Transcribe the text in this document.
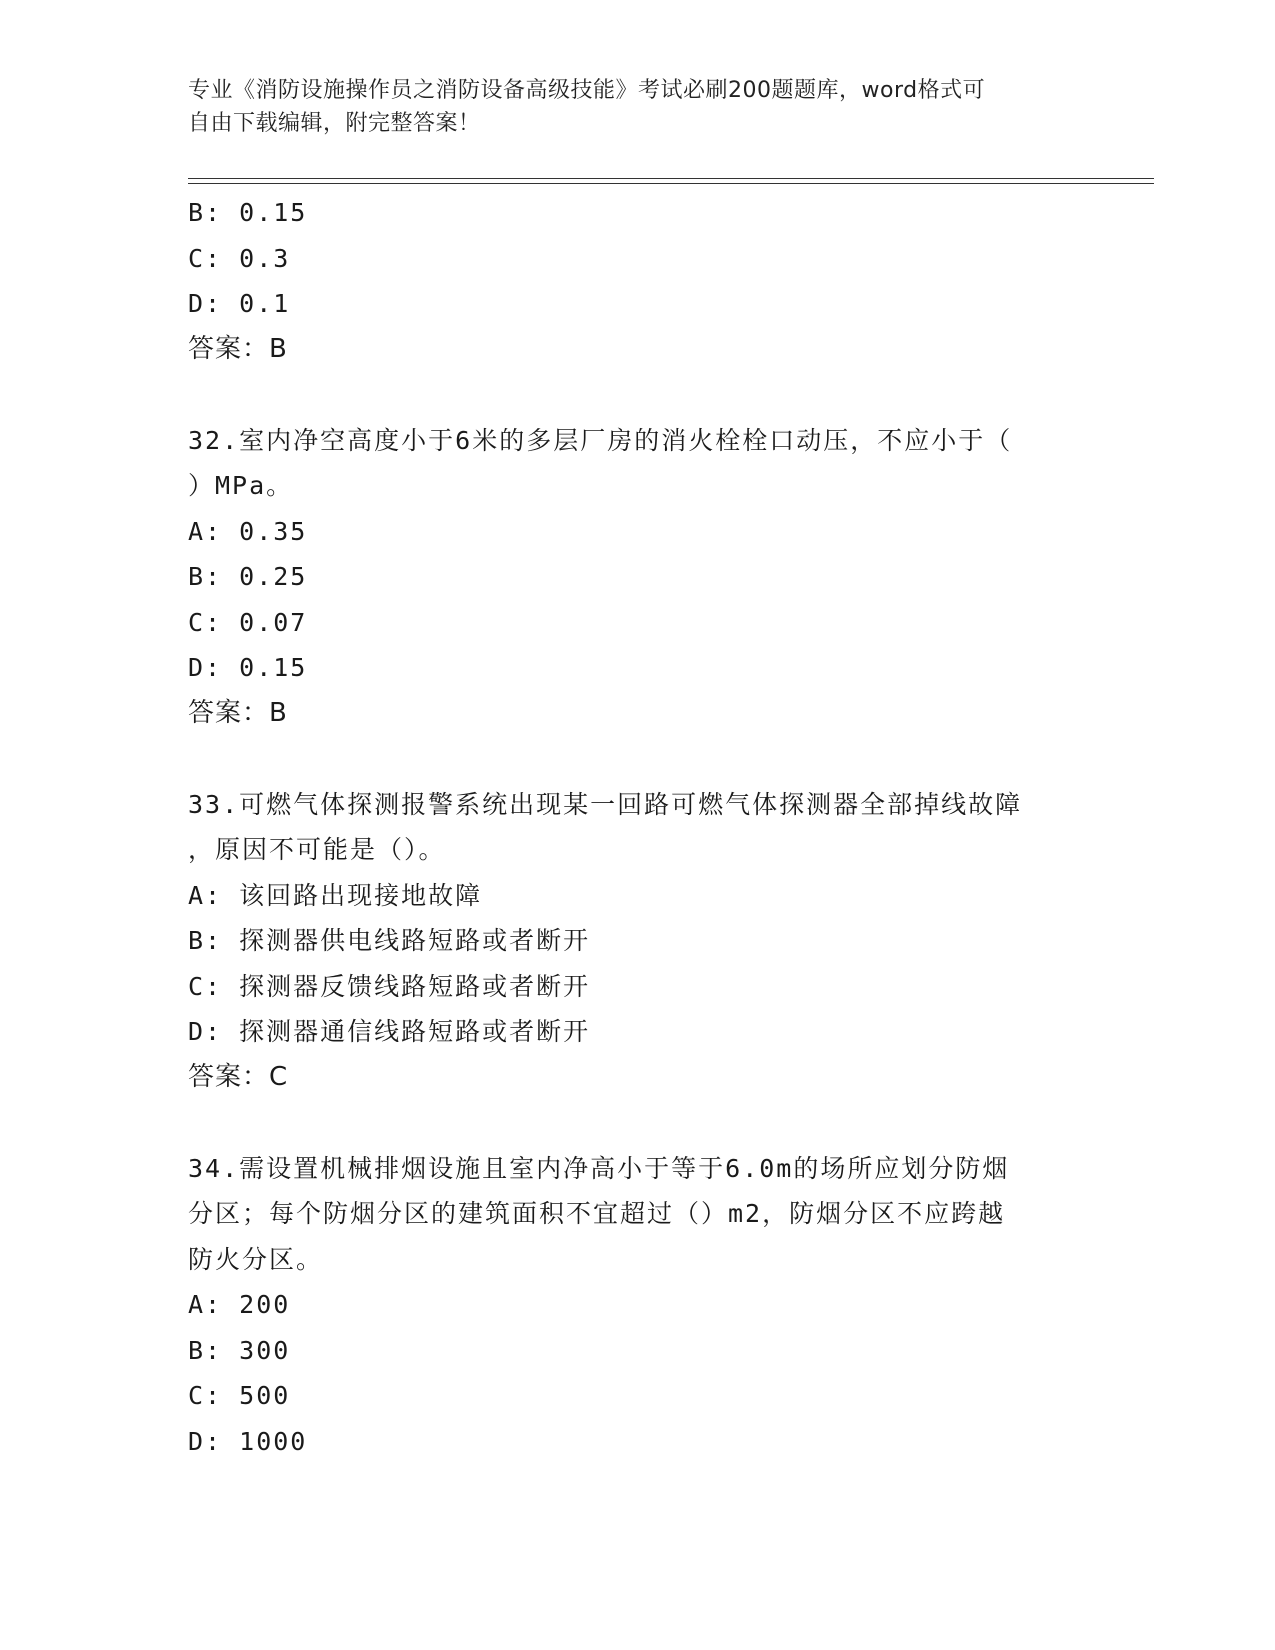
专业《消防设施操作员之消防设备高级技能》考试必刷200题题库，word格式可

自由下载编辑，附完整答案！

B: 0.15

C: 0.3

D: 0.1

答案：B

32.室内净空高度小于6米的多层厂房的消火栓栓口动压，不应小于（

）MPa。

A: 0.35

B: 0.25

C: 0.07

D: 0.15

答案：B

33.可燃气体探测报警系统出现某一回路可燃气体探测器全部掉线故障

，原因不可能是（）。

A: 该回路出现接地故障

B: 探测器供电线路短路或者断开

C: 探测器反馈线路短路或者断开

D: 探测器通信线路短路或者断开

答案：C

34.需设置机械排烟设施且室内净高小于等于6.0m的场所应划分防烟

分区；每个防烟分区的建筑面积不宜超过（）m2，防烟分区不应跨越

防火分区。

A: 200

B: 300

C: 500

D: 1000
